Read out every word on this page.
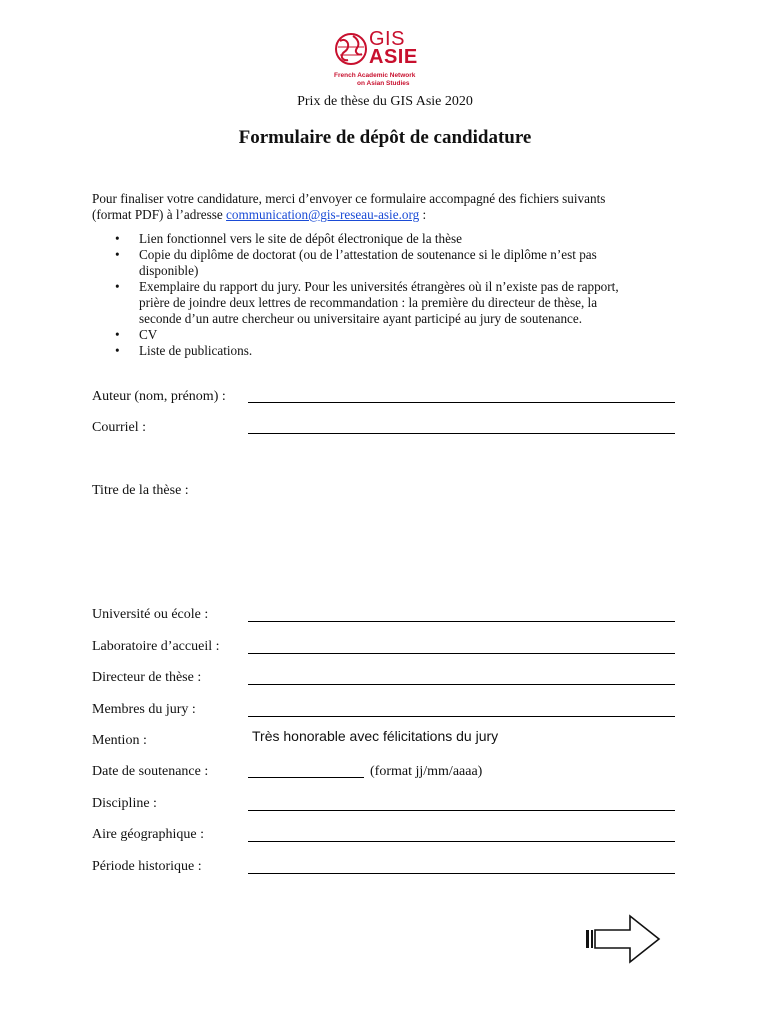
GIS
ASIE
French Academic Network
on Asian Studies
Prix de thèse du GIS Asie 2020
Formulaire de dépôt de candidature
Pour finaliser votre candidature, merci d’envoyer ce formulaire accompagné des fichiers suivants
(format PDF) à l’adresse communication@gis-reseau-asie.org :
• Lien fonctionnel vers le site de dépôt électronique de la thèse
• Copie du diplôme de doctorat (ou de l’attestation de soutenance si le diplôme n’est pas
disponible)
• Exemplaire du rapport du jury. Pour les universités étrangères où il n’existe pas de rapport,
prière de joindre deux lettres de recommandation : la première du directeur de thèse, la
seconde d’un autre chercheur ou universitaire ayant participé au jury de soutenance.
• CV
• Liste de publications.
Auteur (nom, prénom) :
Courriel :
Titre de la thèse :
Université ou école :
Laboratoire d’accueil :
Directeur de thèse :
Membres du jury :
Mention :	Très honorable avec félicitations du jury
Date de soutenance :	(format jj/mm/aaaa)
Discipline :
Aire géographique :
Période historique :
